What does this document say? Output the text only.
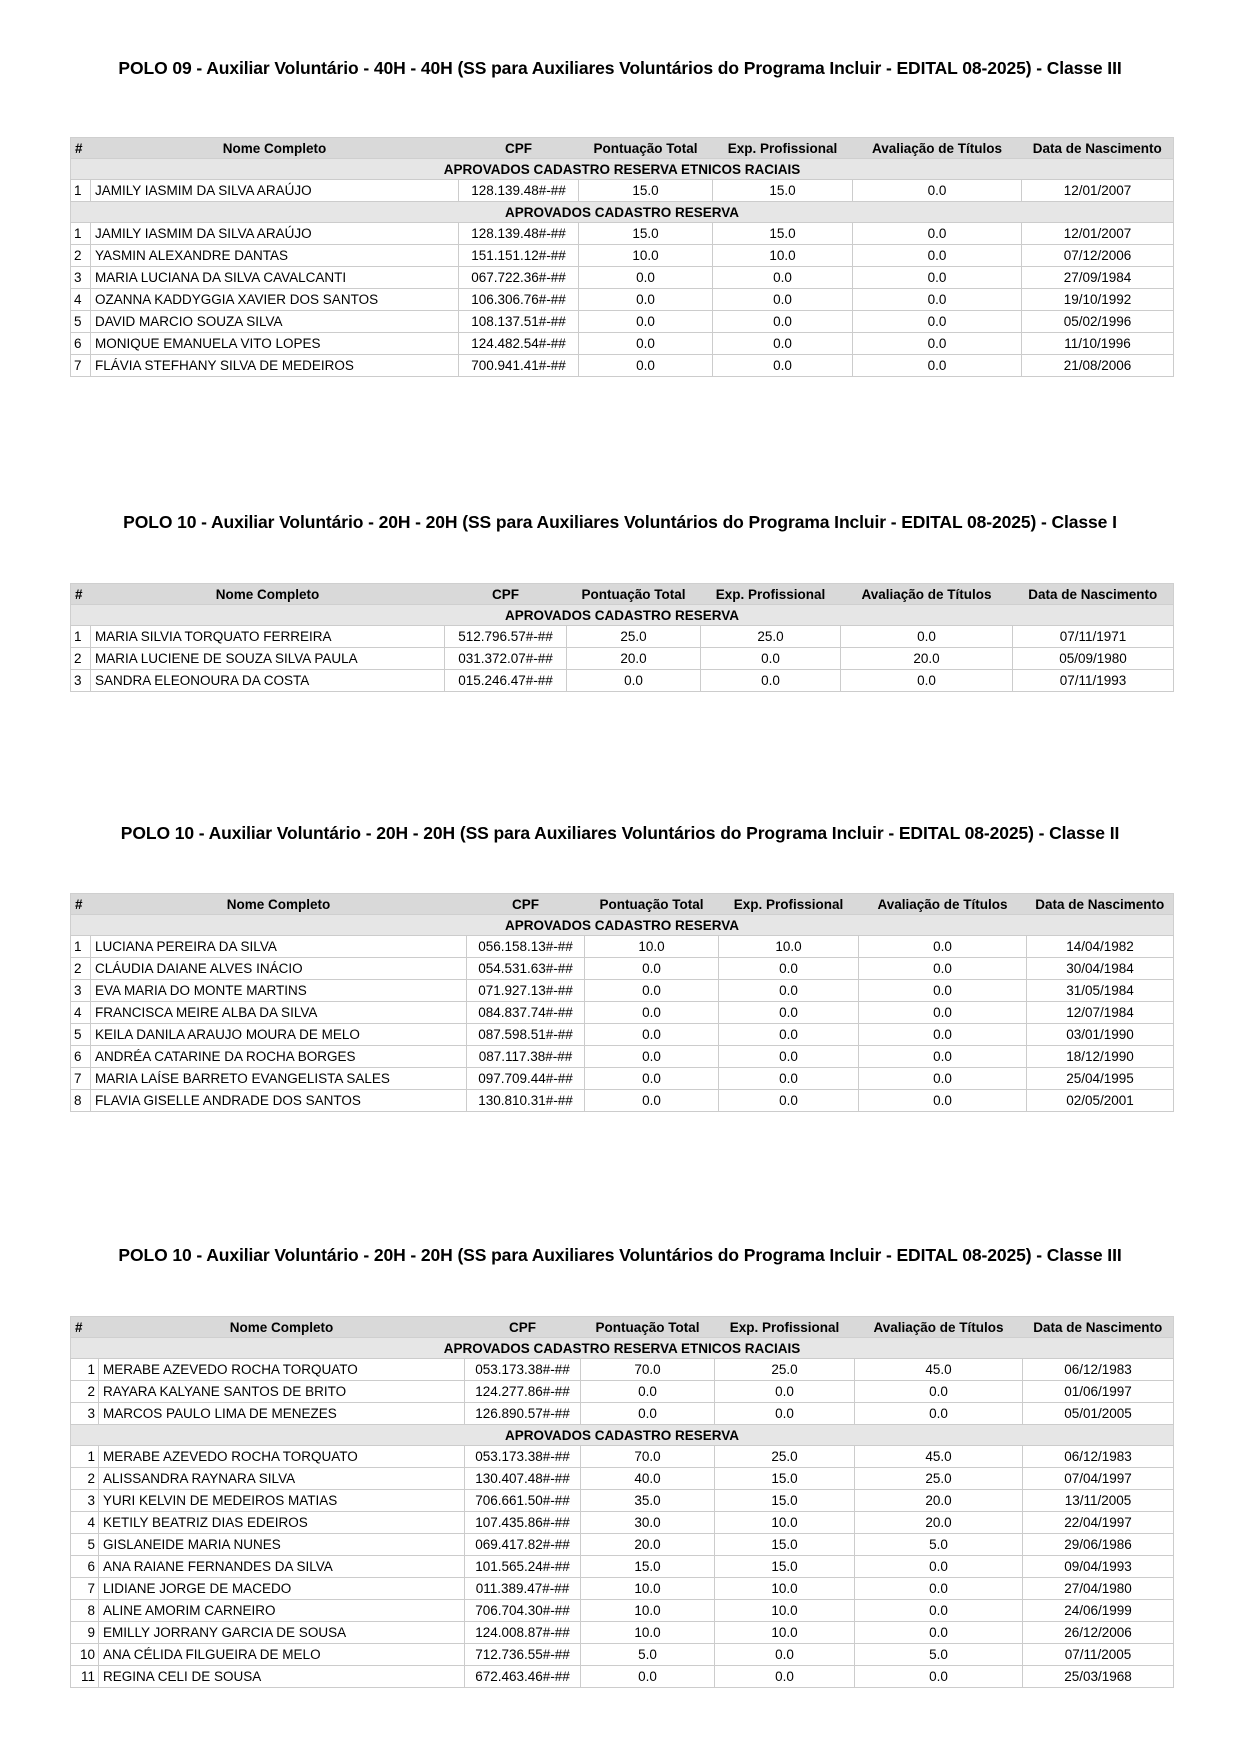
POLO 09 - Auxiliar Voluntário - 40H - 40H (SS para Auxiliares Voluntários do Programa Incluir - EDITAL 08-2025) - Classe III
#	Nome Completo	CPF	Pontuação Total	Exp. Profissional	Avaliação de Títulos	Data de Nascimento
APROVADOS CADASTRO RESERVA ETNICOS RACIAIS						
1	JAMILY IASMIM DA SILVA ARAÚJO	128.139.48#-##	15.0	15.0	0.0	12/01/2007
APROVADOS CADASTRO RESERVA						
1	JAMILY IASMIM DA SILVA ARAÚJO	128.139.48#-##	15.0	15.0	0.0	12/01/2007
2	YASMIN ALEXANDRE DANTAS	151.151.12#-##	10.0	10.0	0.0	07/12/2006
3	MARIA LUCIANA DA SILVA CAVALCANTI	067.722.36#-##	0.0	0.0	0.0	27/09/1984
4	OZANNA KADDYGGIA XAVIER DOS SANTOS	106.306.76#-##	0.0	0.0	0.0	19/10/1992
5	DAVID MARCIO SOUZA SILVA	108.137.51#-##	0.0	0.0	0.0	05/02/1996
6	MONIQUE EMANUELA VITO LOPES	124.482.54#-##	0.0	0.0	0.0	11/10/1996
7	FLÁVIA STEFHANY SILVA DE MEDEIROS	700.941.41#-##	0.0	0.0	0.0	21/08/2006
POLO 10 - Auxiliar Voluntário - 20H - 20H (SS para Auxiliares Voluntários do Programa Incluir - EDITAL 08-2025) - Classe I
#	Nome Completo	CPF	Pontuação Total	Exp. Profissional	Avaliação de Títulos	Data de Nascimento
APROVADOS CADASTRO RESERVA						
1	MARIA SILVIA TORQUATO FERREIRA	512.796.57#-##	25.0	25.0	0.0	07/11/1971
2	MARIA LUCIENE DE SOUZA SILVA PAULA	031.372.07#-##	20.0	0.0	20.0	05/09/1980
3	SANDRA ELEONOURA DA COSTA	015.246.47#-##	0.0	0.0	0.0	07/11/1993
POLO 10 - Auxiliar Voluntário - 20H - 20H (SS para Auxiliares Voluntários do Programa Incluir - EDITAL 08-2025) - Classe II
#	Nome Completo	CPF	Pontuação Total	Exp. Profissional	Avaliação de Títulos	Data de Nascimento
APROVADOS CADASTRO RESERVA						
1	LUCIANA PEREIRA DA SILVA	056.158.13#-##	10.0	10.0	0.0	14/04/1982
2	CLÁUDIA DAIANE ALVES INÁCIO	054.531.63#-##	0.0	0.0	0.0	30/04/1984
3	EVA MARIA DO MONTE MARTINS	071.927.13#-##	0.0	0.0	0.0	31/05/1984
4	FRANCISCA MEIRE ALBA DA SILVA	084.837.74#-##	0.0	0.0	0.0	12/07/1984
5	KEILA DANILA ARAUJO MOURA DE MELO	087.598.51#-##	0.0	0.0	0.0	03/01/1990
6	ANDRÉA CATARINE DA ROCHA BORGES	087.117.38#-##	0.0	0.0	0.0	18/12/1990
7	MARIA LAÍSE BARRETO EVANGELISTA SALES	097.709.44#-##	0.0	0.0	0.0	25/04/1995
8	FLAVIA GISELLE ANDRADE DOS SANTOS	130.810.31#-##	0.0	0.0	0.0	02/05/2001
POLO 10 - Auxiliar Voluntário - 20H - 20H (SS para Auxiliares Voluntários do Programa Incluir - EDITAL 08-2025) - Classe III
#	Nome Completo	CPF	Pontuação Total	Exp. Profissional	Avaliação de Títulos	Data de Nascimento
APROVADOS CADASTRO RESERVA ETNICOS RACIAIS						
1	MERABE AZEVEDO ROCHA TORQUATO	053.173.38#-##	70.0	25.0	45.0	06/12/1983
2	RAYARA KALYANE SANTOS DE BRITO	124.277.86#-##	0.0	0.0	0.0	01/06/1997
3	MARCOS PAULO LIMA DE MENEZES	126.890.57#-##	0.0	0.0	0.0	05/01/2005
APROVADOS CADASTRO RESERVA						
1	MERABE AZEVEDO ROCHA TORQUATO	053.173.38#-##	70.0	25.0	45.0	06/12/1983
2	ALISSANDRA RAYNARA SILVA	130.407.48#-##	40.0	15.0	25.0	07/04/1997
3	YURI KELVIN DE MEDEIROS MATIAS	706.661.50#-##	35.0	15.0	20.0	13/11/2005
4	KETILY BEATRIZ DIAS EDEIROS	107.435.86#-##	30.0	10.0	20.0	22/04/1997
5	GISLANEIDE MARIA NUNES	069.417.82#-##	20.0	15.0	5.0	29/06/1986
6	ANA RAIANE FERNANDES DA SILVA	101.565.24#-##	15.0	15.0	0.0	09/04/1993
7	LIDIANE JORGE DE MACEDO	011.389.47#-##	10.0	10.0	0.0	27/04/1980
8	ALINE AMORIM CARNEIRO	706.704.30#-##	10.0	10.0	0.0	24/06/1999
9	EMILLY JORRANY GARCIA DE SOUSA	124.008.87#-##	10.0	10.0	0.0	26/12/2006
10	ANA CÉLIDA FILGUEIRA DE MELO	712.736.55#-##	5.0	0.0	5.0	07/11/2005
11	REGINA CELI DE SOUSA	672.463.46#-##	0.0	0.0	0.0	25/03/1968
